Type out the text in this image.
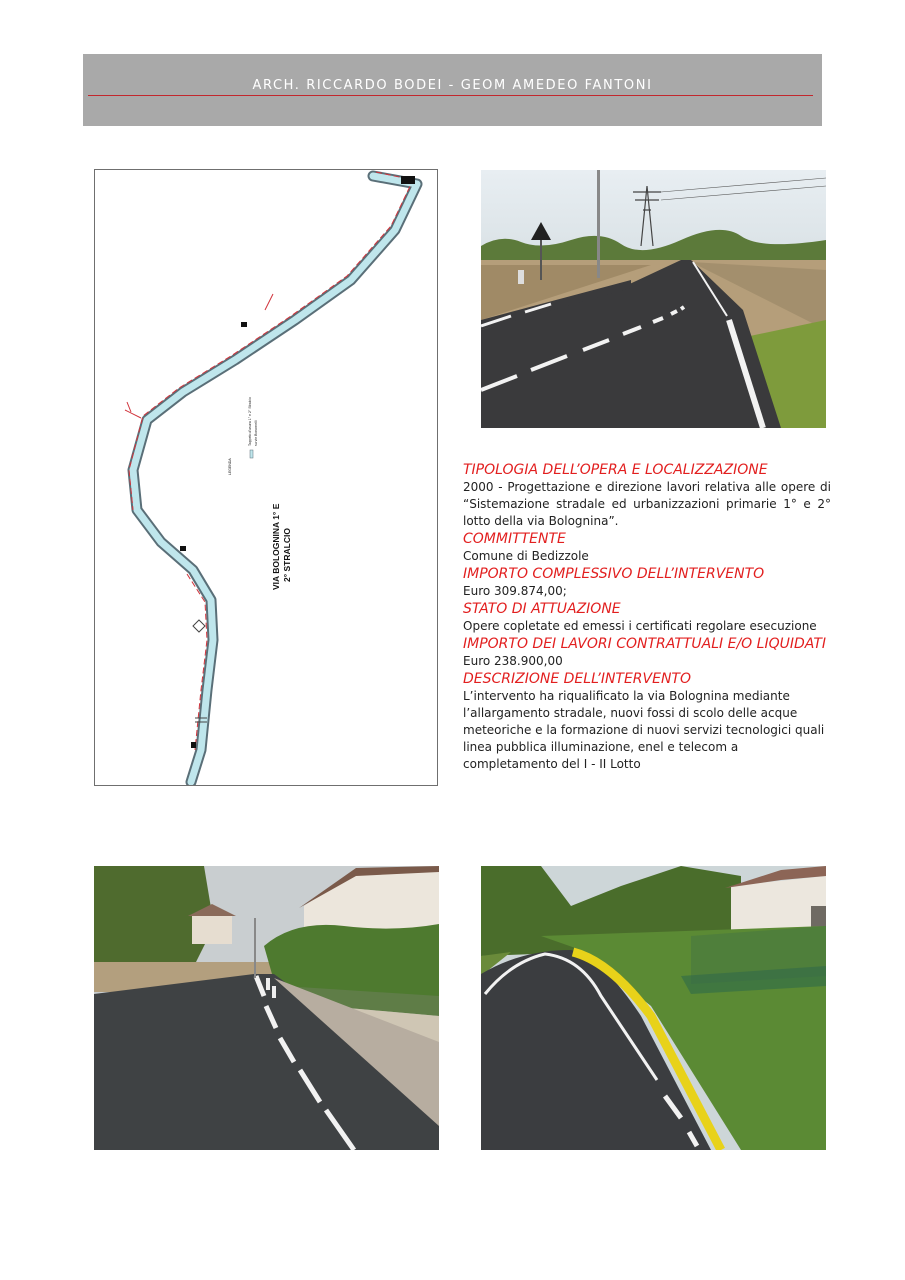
ARCH. RICCARDO BODEI - GEOM AMEDEO FANTONI
VIA BOLOGNINA 1° E 2° STRALCIO
LEGENDA
Tappeto d'usura 1° e 2° Stralcio su vie Bonomelli

TIPOLOGIA DELL’OPERA E LOCALIZZAZIONE

2000 - Progettazione e direzione lavori relativa alle opere di “Sistemazione stradale ed urbanizzazioni primarie 1° e 2° lotto della via Bolognina”.

COMMITTENTE

Comune di Bedizzole

IMPORTO COMPLESSIVO DELL’INTERVENTO

Euro 309.874,00;

STATO DI ATTUAZIONE

Opere copletate ed emessi i certificati regolare esecuzione

IMPORTO DEI LAVORI CONTRATTUALI E/O LIQUIDATI

Euro 238.900,00

DESCRIZIONE DELL’INTERVENTO

L’intervento ha riqualificato la via Bolognina mediante l’allargamento stradale, nuovi fossi di scolo delle acque meteoriche e la formazione di nuovi servizi tecnologici quali linea pubblica illuminazione, enel e telecom a completamento del I - II Lotto
